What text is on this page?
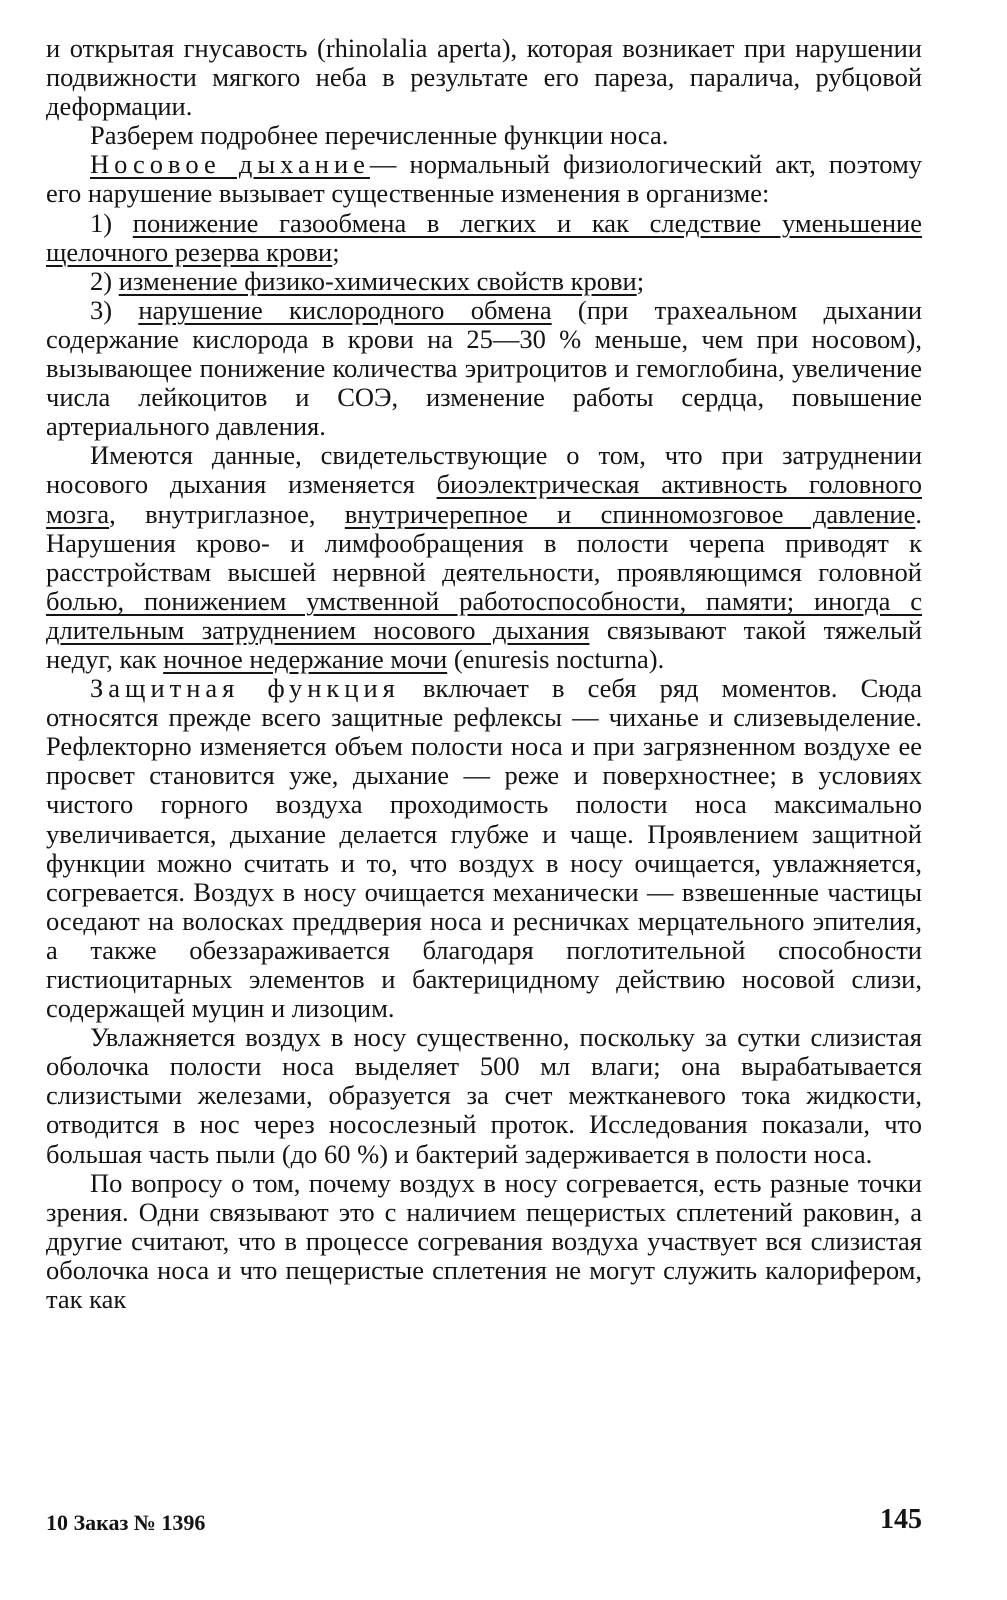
и открытая гнусавость (rhinolalia aperta), которая возникает при нарушении подвижности мягкого неба в результате его пареза, паралича, рубцовой деформации.

Разберем подробнее перечисленные функции носа.

Носовое дыхание— нормальный физиологический акт, поэтому его нарушение вызывает существенные изменения в организме:

1) понижение газообмена в легких и как следствие уменьшение щелочного резерва крови;

2) изменение физико-химических свойств крови;

3) нарушение кислородного обмена (при трахеальном дыхании содержание кислорода в крови на 25—30 % меньше, чем при носовом), вызывающее понижение количества эритроцитов и гемоглобина, увеличение числа лейкоцитов и СОЭ, изменение работы сердца, повышение артериального давления.

Имеются данные, свидетельствующие о том, что при затруднении носового дыхания изменяется биоэлектрическая активность головного мозга, внутриглазное, внутричерепное и спинномозговое давление. Нарушения крово- и лимфообращения в полости черепа приводят к расстройствам высшей нервной деятельности, проявляющимся головной болью, понижением умственной работоспособности, памяти; иногда с длительным затруднением носового дыхания связывают такой тяжелый недуг, как ночное недержание мочи (enuresis nocturna).

Защитная функция включает в себя ряд моментов. Сюда относятся прежде всего защитные рефлексы — чиханье и слизевыделение. Рефлекторно изменяется объем полости носа и при загрязненном воздухе ее просвет становится уже, дыхание — реже и поверхностнее; в условиях чистого горного воздуха проходимость полости носа максимально увеличивается, дыхание делается глубже и чаще. Проявлением защитной функции можно считать и то, что воздух в носу очищается, увлажняется, согревается. Воздух в носу очищается механически — взвешенные частицы оседают на волосках преддверия носа и ресничках мерцательного эпителия, а также обеззараживается благодаря поглотительной способности гистиоцитарных элементов и бактерицидному действию носовой слизи, содержащей муцин и лизоцим.

Увлажняется воздух в носу существенно, поскольку за сутки слизистая оболочка полости носа выделяет 500 мл влаги; она вырабатывается слизистыми железами, образуется за счет межтканевого тока жидкости, отводится в нос через носослезный проток. Исследования показали, что большая часть пыли (до 60 %) и бактерий задерживается в полости носа.

По вопросу о том, почему воздух в носу согревается, есть разные точки зрения. Одни связывают это с наличием пещеристых сплетений раковин, а другие считают, что в процессе согревания воздуха участвует вся слизистая оболочка носа и что пещеристые сплетения не могут служить калорифером, так как

10 Заказ № 1396	145
